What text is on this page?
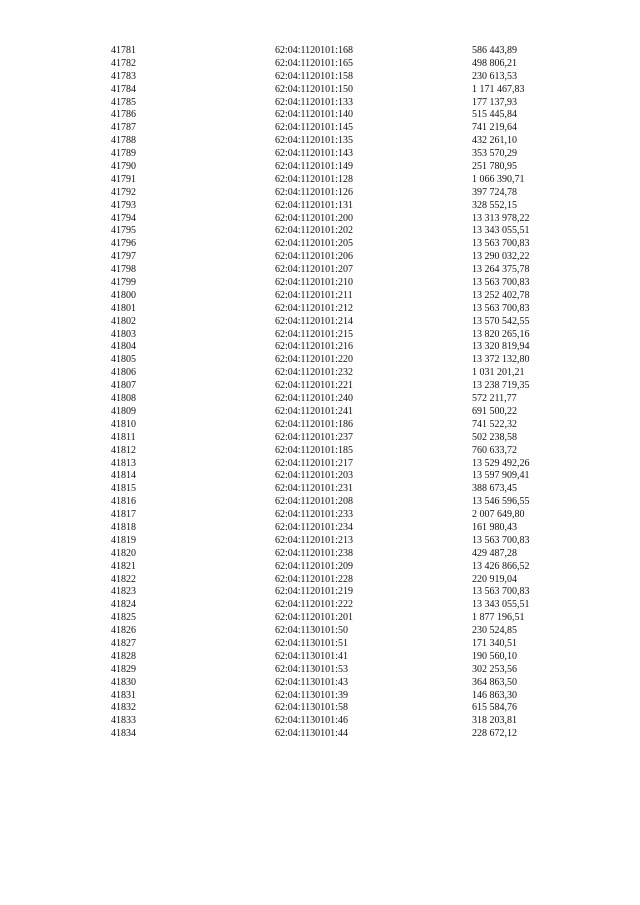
41781	62:04:1120101:168	586 443,89
41782	62:04:1120101:165	498 806,21
41783	62:04:1120101:158	230 613,53
41784	62:04:1120101:150	1 171 467,83
41785	62:04:1120101:133	177 137,93
41786	62:04:1120101:140	515 445,84
41787	62:04:1120101:145	741 219,64
41788	62:04:1120101:135	432 261,10
41789	62:04:1120101:143	353 570,29
41790	62:04:1120101:149	251 780,95
41791	62:04:1120101:128	1 066 390,71
41792	62:04:1120101:126	397 724,78
41793	62:04:1120101:131	328 552,15
41794	62:04:1120101:200	13 313 978,22
41795	62:04:1120101:202	13 343 055,51
41796	62:04:1120101:205	13 563 700,83
41797	62:04:1120101:206	13 290 032,22
41798	62:04:1120101:207	13 264 375,78
41799	62:04:1120101:210	13 563 700,83
41800	62:04:1120101:211	13 252 402,78
41801	62:04:1120101:212	13 563 700,83
41802	62:04:1120101:214	13 570 542,55
41803	62:04:1120101:215	13 820 265,16
41804	62:04:1120101:216	13 320 819,94
41805	62:04:1120101:220	13 372 132,80
41806	62:04:1120101:232	1 031 201,21
41807	62:04:1120101:221	13 238 719,35
41808	62:04:1120101:240	572 211,77
41809	62:04:1120101:241	691 500,22
41810	62:04:1120101:186	741 522,32
41811	62:04:1120101:237	502 238,58
41812	62:04:1120101:185	760 633,72
41813	62:04:1120101:217	13 529 492,26
41814	62:04:1120101:203	13 597 909,41
41815	62:04:1120101:231	388 673,45
41816	62:04:1120101:208	13 546 596,55
41817	62:04:1120101:233	2 007 649,80
41818	62:04:1120101:234	161 980,43
41819	62:04:1120101:213	13 563 700,83
41820	62:04:1120101:238	429 487,28
41821	62:04:1120101:209	13 426 866,52
41822	62:04:1120101:228	220 919,04
41823	62:04:1120101:219	13 563 700,83
41824	62:04:1120101:222	13 343 055,51
41825	62:04:1120101:201	1 877 196,51
41826	62:04:1130101:50	230 524,85
41827	62:04:1130101:51	171 340,51
41828	62:04:1130101:41	190 560,10
41829	62:04:1130101:53	302 253,56
41830	62:04:1130101:43	364 863,50
41831	62:04:1130101:39	146 863,30
41832	62:04:1130101:58	615 584,76
41833	62:04:1130101:46	318 203,81
41834	62:04:1130101:44	228 672,12
